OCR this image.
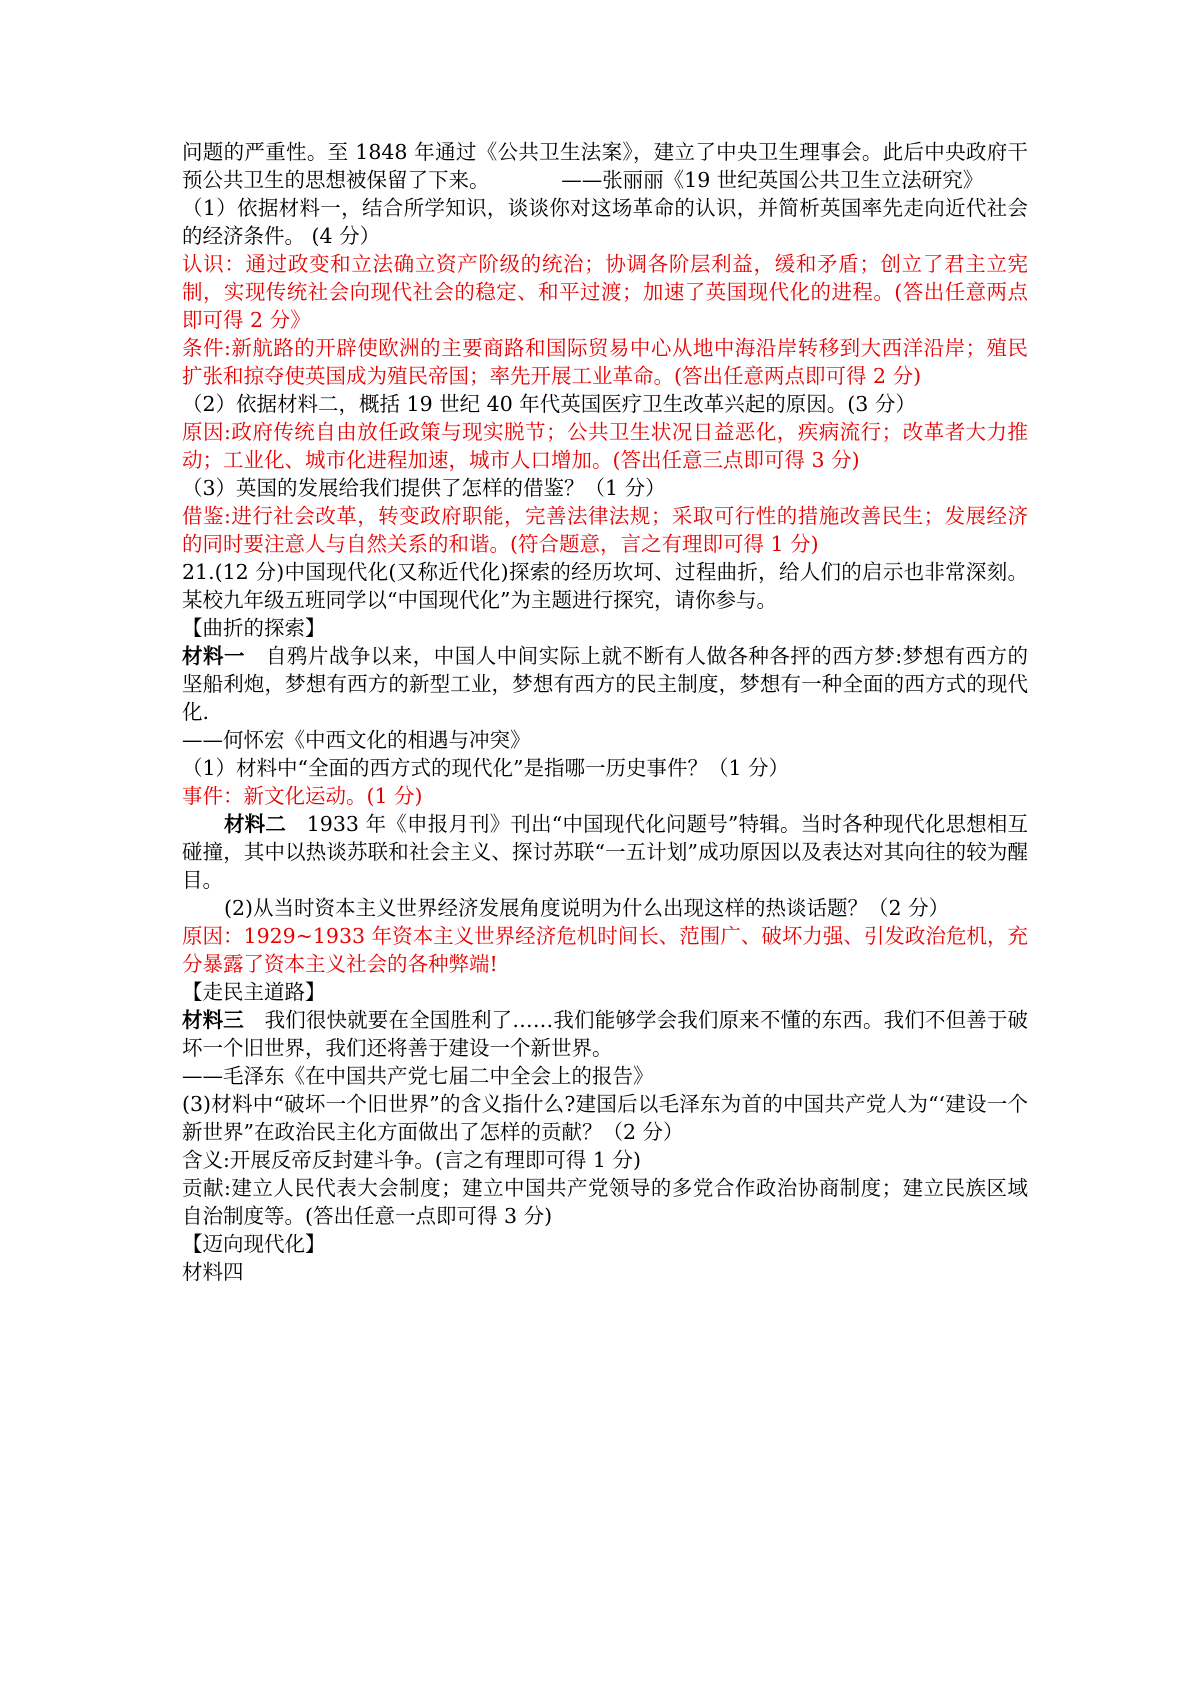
问题的严重性。至 1848 年通过《公共卫生法案》，建立了中央卫生理事会。此后中央政府干预公共卫生的思想被保留了下来。	——张丽丽《19 世纪英国公共卫生立法研究》

（1）依据材料一，结合所学知识，谈谈你对这场革命的认识，并简析英国率先走向近代社会的经济条件。 (4 分）

认识：通过政变和立法确立资产阶级的统治；协调各阶层利益，缓和矛盾；创立了君主立宪制，实现传统社会向现代社会的稳定、和平过渡；加速了英国现代化的进程。(答出任意两点即可得 2 分》

条件:新航路的开辟使欧洲的主要商路和国际贸易中心从地中海沿岸转移到大西洋沿岸；殖民扩张和掠夺使英国成为殖民帝国；率先开展工业革命。(答出任意两点即可得 2 分)

（2）依据材料二，概括 19 世纪 40 年代英国医疗卫生改革兴起的原因。(3 分）

原因:政府传统自由放任政策与现实脱节；公共卫生状况日益恶化，疾病流行；改革者大力推动；工业化、城市化进程加速，城市人口增加。(答出任意三点即可得 3 分)

（3）英国的发展给我们提供了怎样的借鉴？（1 分）

借鉴:进行社会改革，转变政府职能，完善法律法规；采取可行性的措施改善民生；发展经济的同时要注意人与自然关系的和谐。(符合题意，言之有理即可得 1 分)

21.(12 分)中国现代化(又称近代化)探索的经历坎坷、过程曲折，给人们的启示也非常深刻。某校九年级五班同学以“中国现代化”为主题进行探究，请你参与。

【曲折的探索】

材料一　自鸦片战争以来，中国人中间实际上就不断有人做各种各抨的西方梦:梦想有西方的坚船利炮，梦想有西方的新型工业，梦想有西方的民主制度，梦想有一种全面的西方式的现代化.

——何怀宏《中西文化的相遇与冲突》

（1）材料中“全面的西方式的现代化”是指哪一历史事件？（1 分）

事件：新文化运动。(1 分)

材料二　1933 年《申报月刊》刊出“中国现代化问题号”特辑。当时各种现代化思想相互碰撞，其中以热谈苏联和社会主义、探讨苏联“一五计划”成功原因以及表达对其向往的较为醒目。

(2)从当时资本主义世界经济发展角度说明为什么出现这样的热谈话题？（2 分）

原因：1929~1933 年资本主义世界经济危机时间长、范围广、破坏力强、引发政治危机，充分暴露了资本主义社会的各种弊端!

【走民主道路】

材料三　我们很快就要在全国胜利了……我们能够学会我们原来不懂的东西。我们不但善于破坏一个旧世界，我们还将善于建设一个新世界。

——毛泽东《在中国共产党七届二中全会上的报告》

(3)材料中“破坏一个旧世界”的含义指什么?建国后以毛泽东为首的中国共产党人为“‘建设一个新世界”在政治民主化方面做出了怎样的贡献？（2 分）

含义:开展反帝反封建斗争。(言之有理即可得 1 分)

贡献:建立人民代表大会制度；建立中国共产党领导的多党合作政治协商制度；建立民族区域自治制度等。(答出任意一点即可得 3 分)

【迈向现代化】

材料四
